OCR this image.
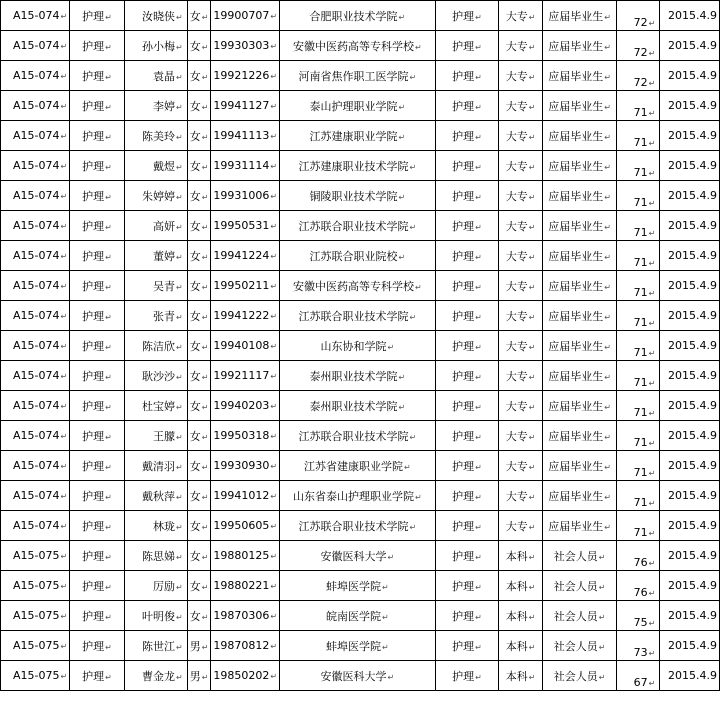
A15-074↵	护理↵	汝晓侠↵	女↵	19900707↵	合肥职业技术学院↵	护理↵	大专↵	应届毕业生↵	72↵	2015.4.9
A15-074↵	护理↵	孙小梅↵	女↵	19930303↵	安徽中医药高等专科学校↵	护理↵	大专↵	应届毕业生↵	72↵	2015.4.9
A15-074↵	护理↵	袁晶↵	女↵	19921226↵	河南省焦作职工医学院↵	护理↵	大专↵	应届毕业生↵	72↵	2015.4.9
A15-074↵	护理↵	李婷↵	女↵	19941127↵	泰山护理职业学院↵	护理↵	大专↵	应届毕业生↵	71↵	2015.4.9
A15-074↵	护理↵	陈美玲↵	女↵	19941113↵	江苏建康职业学院↵	护理↵	大专↵	应届毕业生↵	71↵	2015.4.9
A15-074↵	护理↵	戴煜↵	女↵	19931114↵	江苏建康职业技术学院↵	护理↵	大专↵	应届毕业生↵	71↵	2015.4.9
A15-074↵	护理↵	朱婷婷↵	女↵	19931006↵	铜陵职业技术学院↵	护理↵	大专↵	应届毕业生↵	71↵	2015.4.9
A15-074↵	护理↵	高妍↵	女↵	19950531↵	江苏联合职业技术学院↵	护理↵	大专↵	应届毕业生↵	71↵	2015.4.9
A15-074↵	护理↵	董婷↵	女↵	19941224↵	江苏联合职业院校↵	护理↵	大专↵	应届毕业生↵	71↵	2015.4.9
A15-074↵	护理↵	吴青↵	女↵	19950211↵	安徽中医药高等专科学校↵	护理↵	大专↵	应届毕业生↵	71↵	2015.4.9
A15-074↵	护理↵	张青↵	女↵	19941222↵	江苏联合职业技术学院↵	护理↵	大专↵	应届毕业生↵	71↵	2015.4.9
A15-074↵	护理↵	陈洁欣↵	女↵	19940108↵	山东协和学院↵	护理↵	大专↵	应届毕业生↵	71↵	2015.4.9
A15-074↵	护理↵	耿沙沙↵	女↵	19921117↵	泰州职业技术学院↵	护理↵	大专↵	应届毕业生↵	71↵	2015.4.9
A15-074↵	护理↵	杜宝婷↵	女↵	19940203↵	泰州职业技术学院↵	护理↵	大专↵	应届毕业生↵	71↵	2015.4.9
A15-074↵	护理↵	王朦↵	女↵	19950318↵	江苏联合职业技术学院↵	护理↵	大专↵	应届毕业生↵	71↵	2015.4.9
A15-074↵	护理↵	戴清羽↵	女↵	19930930↵	江苏省建康职业学院↵	护理↵	大专↵	应届毕业生↵	71↵	2015.4.9
A15-074↵	护理↵	戴秋萍↵	女↵	19941012↵	山东省泰山护理职业学院↵	护理↵	大专↵	应届毕业生↵	71↵	2015.4.9
A15-074↵	护理↵	林珑↵	女↵	19950605↵	江苏联合职业技术学院↵	护理↵	大专↵	应届毕业生↵	71↵	2015.4.9
A15-075↵	护理↵	陈思娣↵	女↵	19880125↵	安徽医科大学↵	护理↵	本科↵	社会人员↵	76↵	2015.4.9
A15-075↵	护理↵	厉励↵	女↵	19880221↵	蚌埠医学院↵	护理↵	本科↵	社会人员↵	76↵	2015.4.9
A15-075↵	护理↵	叶明俊↵	女↵	19870306↵	皖南医学院↵	护理↵	本科↵	社会人员↵	75↵	2015.4.9
A15-075↵	护理↵	陈世江↵	男↵	19870812↵	蚌埠医学院↵	护理↵	本科↵	社会人员↵	73↵	2015.4.9
A15-075↵	护理↵	曹金龙↵	男↵	19850202↵	安徽医科大学↵	护理↵	本科↵	社会人员↵	67↵	2015.4.9
